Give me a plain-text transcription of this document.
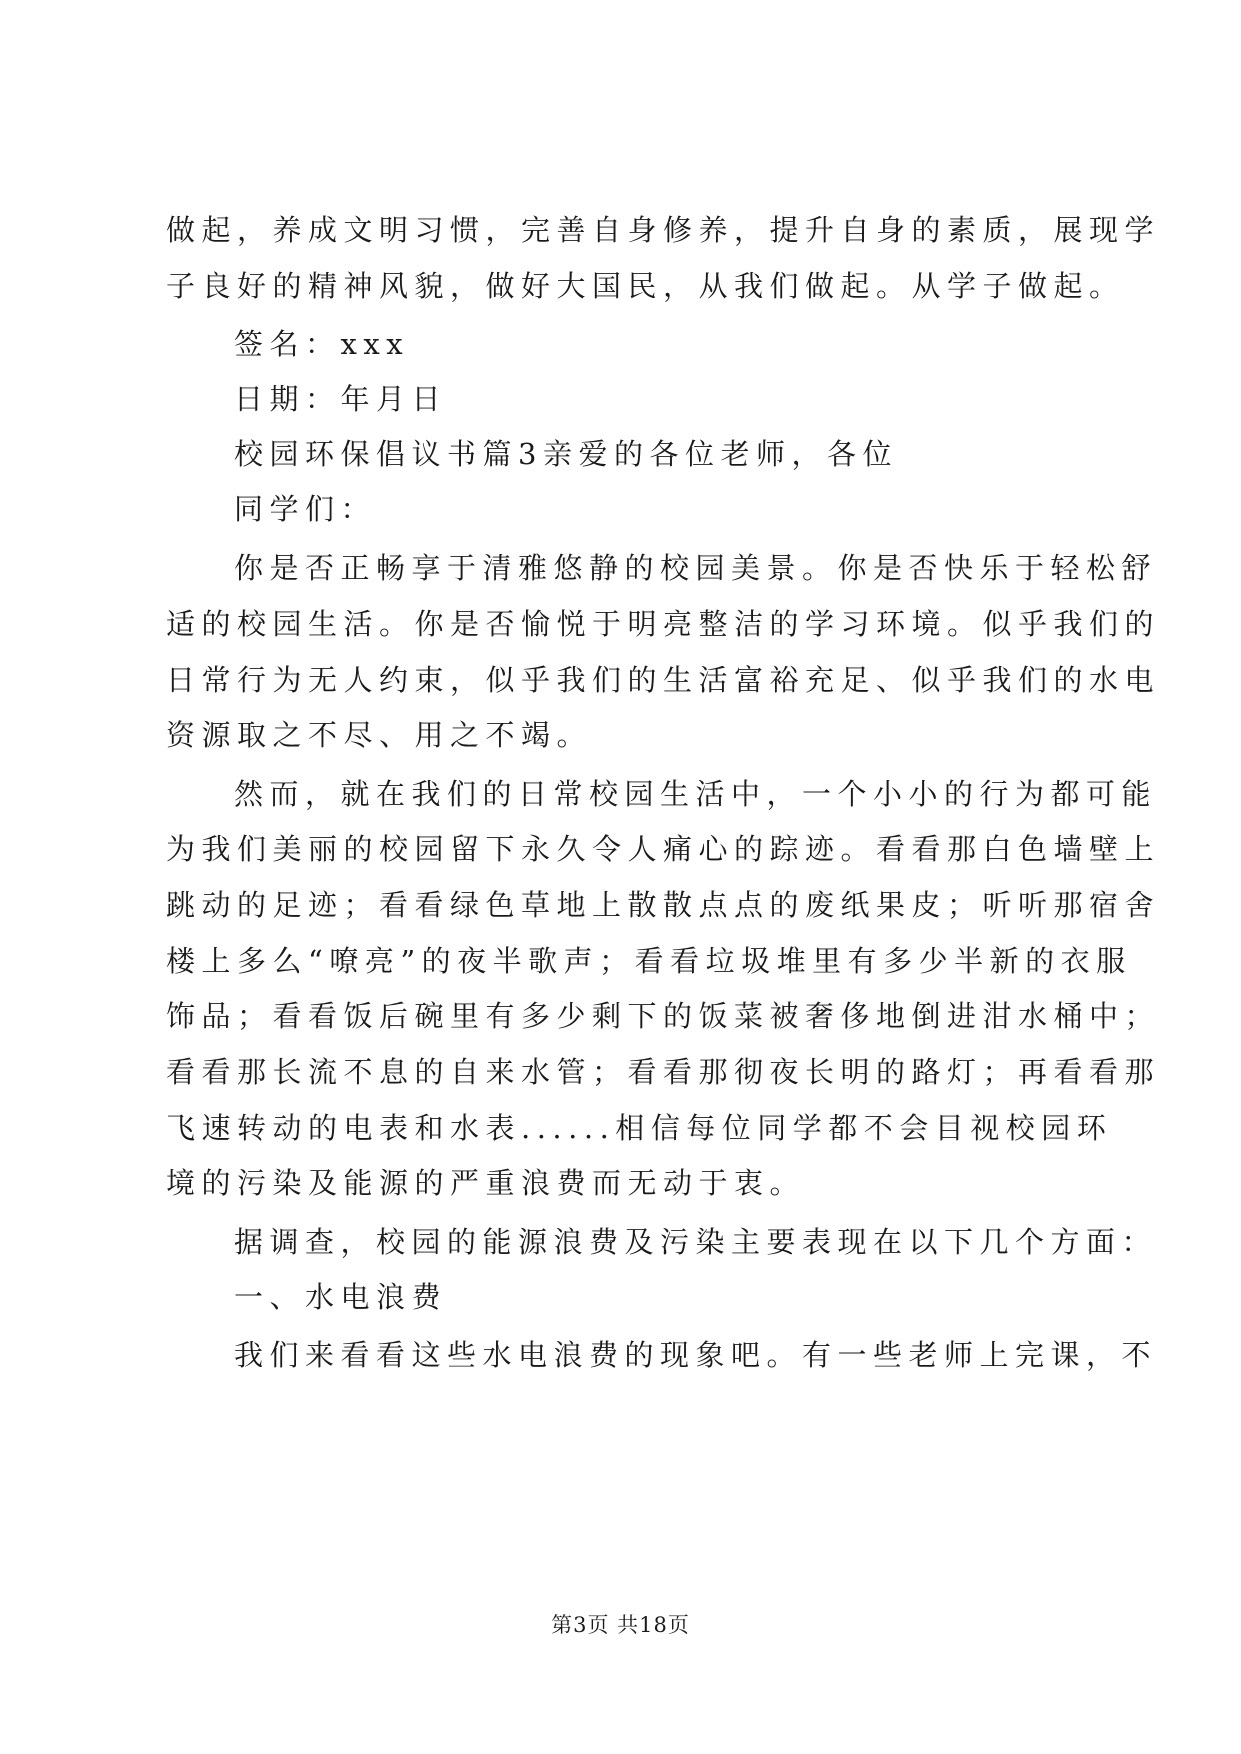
做起，养成文明习惯，完善自身修养，提升自身的素质，展现学
子良好的精神风貌，做好大国民，从我们做起。从学子做起。
签名：xxx
日期：年月日
校园环保倡议书篇3亲爱的各位老师，各位
同学们：
你是否正畅享于清雅悠静的校园美景。你是否快乐于轻松舒
适的校园生活。你是否愉悦于明亮整洁的学习环境。似乎我们的
日常行为无人约束，似乎我们的生活富裕充足、似乎我们的水电
资源取之不尽、用之不竭。
然而，就在我们的日常校园生活中，一个小小的行为都可能
为我们美丽的校园留下永久令人痛心的踪迹。看看那白色墙壁上
跳动的足迹；看看绿色草地上散散点点的废纸果皮；听听那宿舍
楼上多么“嘹亮”的夜半歌声；看看垃圾堆里有多少半新的衣服
饰品；看看饭后碗里有多少剩下的饭菜被奢侈地倒进泔水桶中；
看看那长流不息的自来水管；看看那彻夜长明的路灯；再看看那
飞速转动的电表和水表......相信每位同学都不会目视校园环
境的污染及能源的严重浪费而无动于衷。
据调查，校园的能源浪费及污染主要表现在以下几个方面：
一、水电浪费
我们来看看这些水电浪费的现象吧。有一些老师上完课，不
第3页 共18页
